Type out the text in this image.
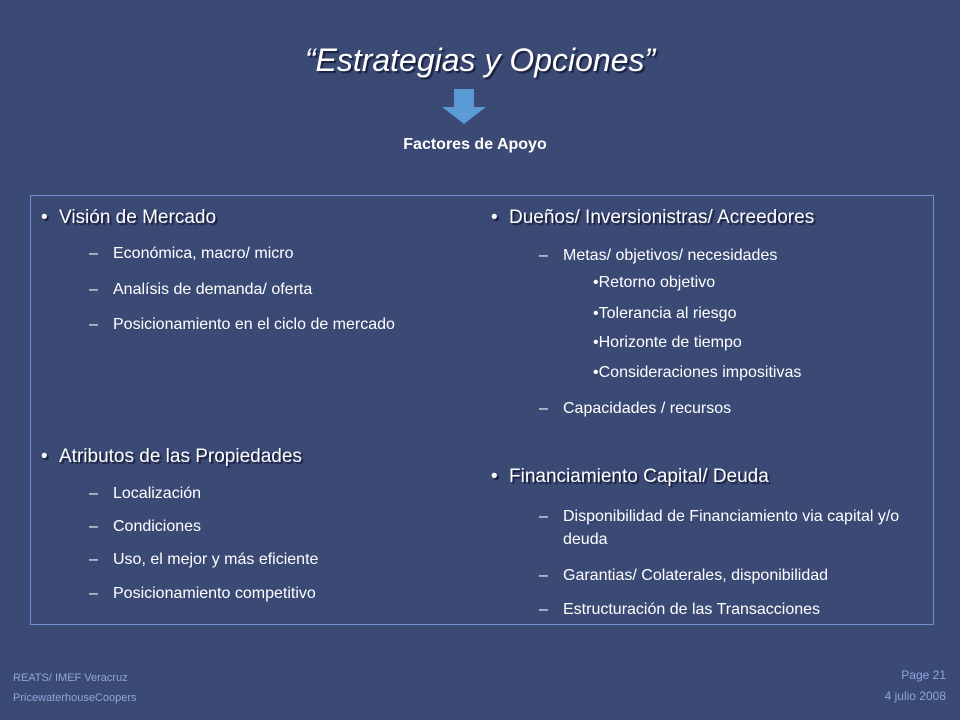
“Estrategias y Opciones”
Factores de Apoyo
• Visión de Mercado
– Económica, macro/ micro
– Analísis de demanda/ oferta
– Posicionamiento en el ciclo de mercado
• Atributos de las Propiedades
– Localización
– Condiciones
– Uso, el mejor y más eficiente
– Posicionamiento competitivo
• Dueños/ Inversionistras/ Acreedores
– Metas/ objetivos/ necesidades
•Retorno objetivo
•Tolerancia al riesgo
•Horizonte de tiempo
•Consideraciones impositivas
– Capacidades / recursos
• Financiamiento Capital/ Deuda
– Disponibilidad de Financiamiento via capital y/o deuda
– Garantias/ Colaterales, disponibilidad
– Estructuración de las Transacciones
REATS/ IMEF Veracruz
PricewaterhouseCoopers
Page 21
4 julio 2008
